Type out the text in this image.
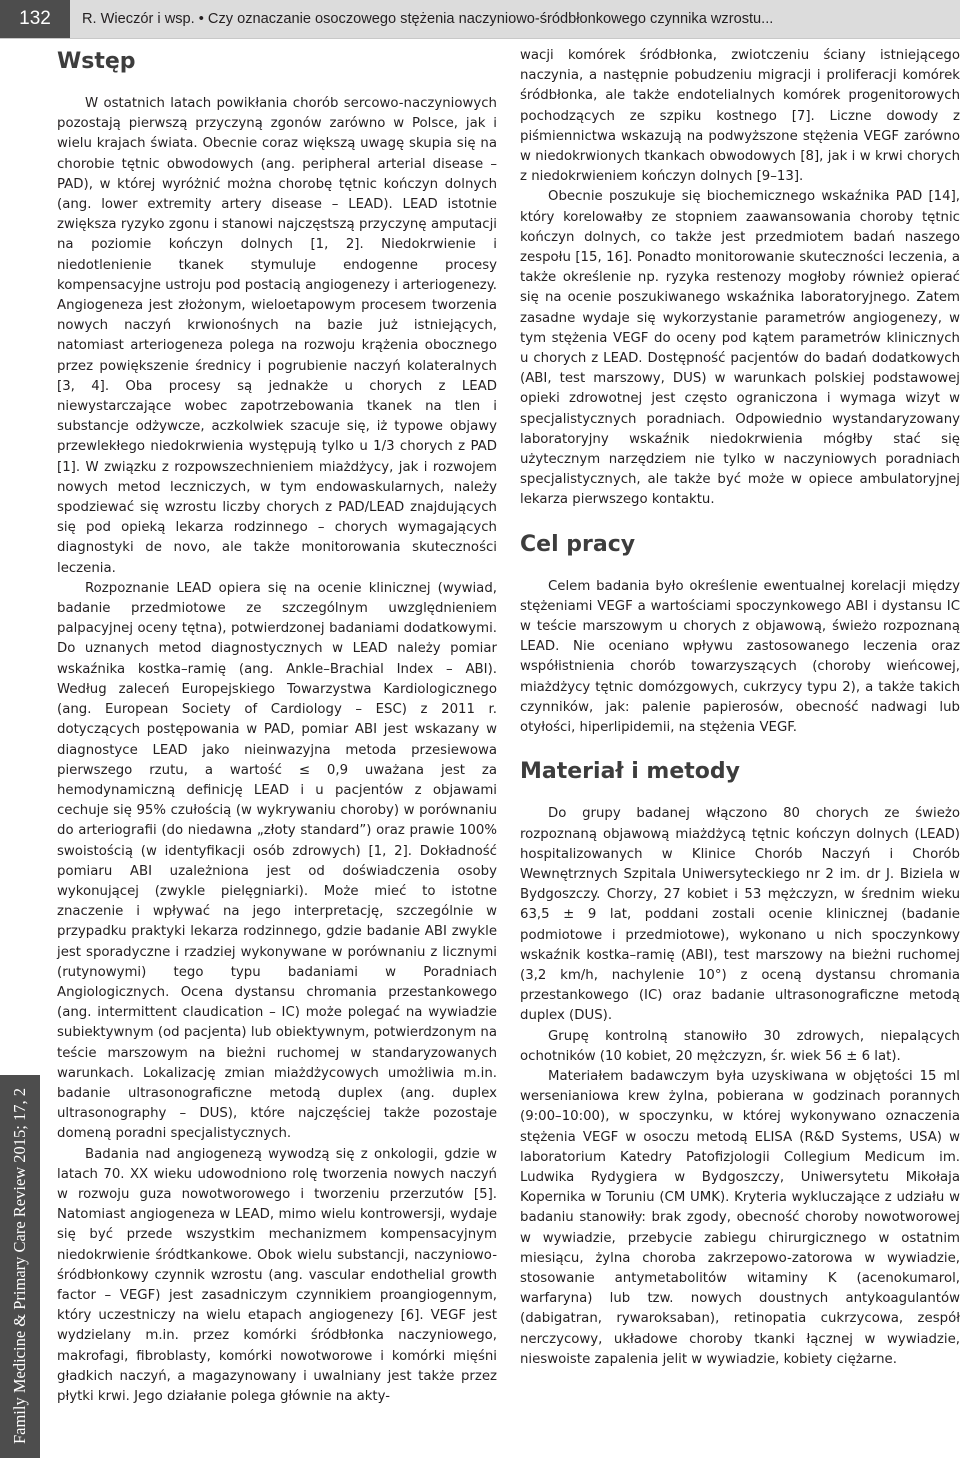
132	R. Wieczór i wsp. • Czy oznaczanie osoczowego stężenia naczyniowo-śródbłonkowego czynnika wzrostu...
Family Medicine & Primary Care Review 2015; 17, 2
Wstęp

W ostatnich latach powikłania chorób sercowo-naczyniowych pozostają pierwszą przyczyną zgonów zarówno w Polsce, jak i wielu krajach świata. Obecnie coraz większą uwagę skupia się na chorobie tętnic obwodowych (ang. peripheral arterial disease – PAD), w której wyróżnić można chorobę tętnic kończyn dolnych (ang. lower extremity artery disease – LEAD). LEAD istotnie zwiększa ryzyko zgonu i stanowi najczęstszą przyczynę amputacji na poziomie kończyn dolnych [1, 2]. Niedokrwienie i niedotlenienie tkanek stymuluje endogenne procesy kompensacyjne ustroju pod postacią angiogenezy i arteriogenezy. Angiogeneza jest złożonym, wieloetapowym procesem tworzenia nowych naczyń krwionośnych na bazie już istniejących, natomiast arteriogeneza polega na rozwoju krążenia obocznego przez powiększenie średnicy i pogrubienie naczyń kolateralnych [3, 4]. Oba procesy są jednakże u chorych z LEAD niewystarczające wobec zapotrzebowania tkanek na tlen i substancje odżywcze, aczkolwiek szacuje się, iż typowe objawy przewlekłego niedokrwienia występują tylko u 1/3 chorych z PAD [1]. W związku z rozpowszechnieniem miażdżycy, jak i rozwojem nowych metod leczniczych, w tym endowaskularnych, należy spodziewać się wzrostu liczby chorych z PAD/LEAD znajdujących się pod opieką lekarza rodzinnego – chorych wymagających diagnostyki de novo, ale także monitorowania skuteczności leczenia.

Rozpoznanie LEAD opiera się na ocenie klinicznej (wywiad, badanie przedmiotowe ze szczególnym uwzględnieniem palpacyjnej oceny tętna), potwierdzonej badaniami dodatkowymi. Do uznanych metod diagnostycznych w LEAD należy pomiar wskaźnika kostka–ramię (ang. Ankle–Brachial Index – ABI). Według zaleceń Europejskiego Towarzystwa Kardiologicznego (ang. European Society of Cardiology – ESC) z 2011 r. dotyczących postępowania w PAD, pomiar ABI jest wskazany w diagnostyce LEAD jako nieinwazyjna metoda przesiewowa pierwszego rzutu, a wartość ≤ 0,9 uważana jest za hemodynamiczną definicję LEAD i u pacjentów z objawami cechuje się 95% czułością (w wykrywaniu choroby) w porównaniu do arteriografii (do niedawna „złoty standard”) oraz prawie 100% swoistością (w identyfikacji osób zdrowych) [1, 2]. Dokładność pomiaru ABI uzależniona jest od doświadczenia osoby wykonującej (zwykle pielęgniarki). Może mieć to istotne znaczenie i wpływać na jego interpretację, szczególnie w przypadku praktyki lekarza rodzinnego, gdzie badanie ABI zwykle jest sporadyczne i rzadziej wykonywane w porównaniu z licznymi (rutynowymi) tego typu badaniami w Poradniach Angiologicznych. Ocena dystansu chromania przestankowego (ang. intermittent claudication – IC) może polegać na wywiadzie subiektywnym (od pacjenta) lub obiektywnym, potwierdzonym na teście marszowym na bieżni ruchomej w standaryzowanych warunkach. Lokalizację zmian miażdżycowych umożliwia m.in. badanie ultrasonograficzne metodą duplex (ang. duplex ultrasonography – DUS), które najczęściej także pozostaje domeną poradni specjalistycznych.

Badania nad angiogenezą wywodzą się z onkologii, gdzie w latach 70. XX wieku udowodniono rolę tworzenia nowych naczyń w rozwoju guza nowotworowego i tworzeniu przerzutów [5]. Natomiast angiogeneza w LEAD, mimo wielu kontrowersji, wydaje się być przede wszystkim mechanizmem kompensacyjnym niedokrwienie śródtkankowe. Obok wielu substancji, naczyniowo-śródbłonkowy czynnik wzrostu (ang. vascular endothelial growth factor – VEGF) jest zasadniczym czynnikiem proangiogennym, który uczestniczy na wielu etapach angiogenezy [6]. VEGF jest wydzielany m.in. przez komórki śródbłonka naczyniowego, makrofagi, fibroblasty, komórki nowotworowe i komórki mięśni gładkich naczyń, a magazynowany i uwalniany jest także przez płytki krwi. Jego działanie polega głównie na akty-

wacji komórek śródbłonka, zwiotczeniu ściany istniejącego naczynia, a następnie pobudzeniu migracji i proliferacji komórek śródbłonka, ale także endotelialnych komórek progenitorowych pochodzących ze szpiku kostnego [7]. Liczne dowody z piśmiennictwa wskazują na podwyższone stężenia VEGF zarówno w niedokrwionych tkankach obwodowych [8], jak i w krwi chorych z niedokrwieniem kończyn dolnych [9–13].

Obecnie poszukuje się biochemicznego wskaźnika PAD [14], który korelowałby ze stopniem zaawansowania choroby tętnic kończyn dolnych, co także jest przedmiotem badań naszego zespołu [15, 16]. Ponadto monitorowanie skuteczności leczenia, a także określenie np. ryzyka restenozy mogłoby również opierać się na ocenie poszukiwanego wskaźnika laboratoryjnego. Zatem zasadne wydaje się wykorzystanie parametrów angiogenezy, w tym stężenia VEGF do oceny pod kątem parametrów klinicznych u chorych z LEAD. Dostępność pacjentów do badań dodatkowych (ABI, test marszowy, DUS) w warunkach polskiej podstawowej opieki zdrowotnej jest często ograniczona i wymaga wizyt w specjalistycznych poradniach. Odpowiednio wystandaryzowany laboratoryjny wskaźnik niedokrwienia mógłby stać się użytecznym narzędziem nie tylko w naczyniowych poradniach specjalistycznych, ale także być może w opiece ambulatoryjnej lekarza pierwszego kontaktu.

Cel pracy

Celem badania było określenie ewentualnej korelacji między stężeniami VEGF a wartościami spoczynkowego ABI i dystansu IC w teście marszowym u chorych z objawową, świeżo rozpoznaną LEAD. Nie oceniano wpływu zastosowanego leczenia oraz współistnienia chorób towarzyszących (choroby wieńcowej, miażdżycy tętnic domózgowych, cukrzycy typu 2), a także takich czynników, jak: palenie papierosów, obecność nadwagi lub otyłości, hiperlipidemii, na stężenia VEGF.

Materiał i metody

Do grupy badanej włączono 80 chorych ze świeżo rozpoznaną objawową miażdżycą tętnic kończyn dolnych (LEAD) hospitalizowanych w Klinice Chorób Naczyń i Chorób Wewnętrznych Szpitala Uniwersyteckiego nr 2 im. dr J. Biziela w Bydgoszczy. Chorzy, 27 kobiet i 53 mężczyzn, w średnim wieku 63,5 ± 9 lat, poddani zostali ocenie klinicznej (badanie podmiotowe i przedmiotowe), wykonano u nich spoczynkowy wskaźnik kostka–ramię (ABI), test marszowy na bieżni ruchomej (3,2 km/h, nachylenie 10°) z oceną dystansu chromania przestankowego (IC) oraz badanie ultrasonograficzne metodą duplex (DUS).

Grupę kontrolną stanowiło 30 zdrowych, niepalących ochotników (10 kobiet, 20 mężczyzn, śr. wiek 56 ± 6 lat).

Materiałem badawczym była uzyskiwana w objętości 15 ml wersenianiowa krew żylna, pobierana w godzinach porannych (9:00–10:00), w spoczynku, w której wykonywano oznaczenia stężenia VEGF w osoczu metodą ELISA (R&D Systems, USA) w laboratorium Katedry Patofizjologii Collegium Medicum im. Ludwika Rydygiera w Bydgoszczy, Uniwersytetu Mikołaja Kopernika w Toruniu (CM UMK). Kryteria wykluczające z udziału w badaniu stanowiły: brak zgody, obecność choroby nowotworowej w wywiadzie, przebycie zabiegu chirurgicznego w ostatnim miesiącu, żylna choroba zakrzepowo-zatorowa w wywiadzie, stosowanie antymetabolitów witaminy K (acenokumarol, warfaryna) lub tzw. nowych doustnych antykoagulantów (dabigatran, rywaroksaban), retinopatia cukrzycowa, zespół nerczycowy, układowe choroby tkanki łącznej w wywiadzie, nieswoiste zapalenia jelit w wywiadzie, kobiety ciężarne.
